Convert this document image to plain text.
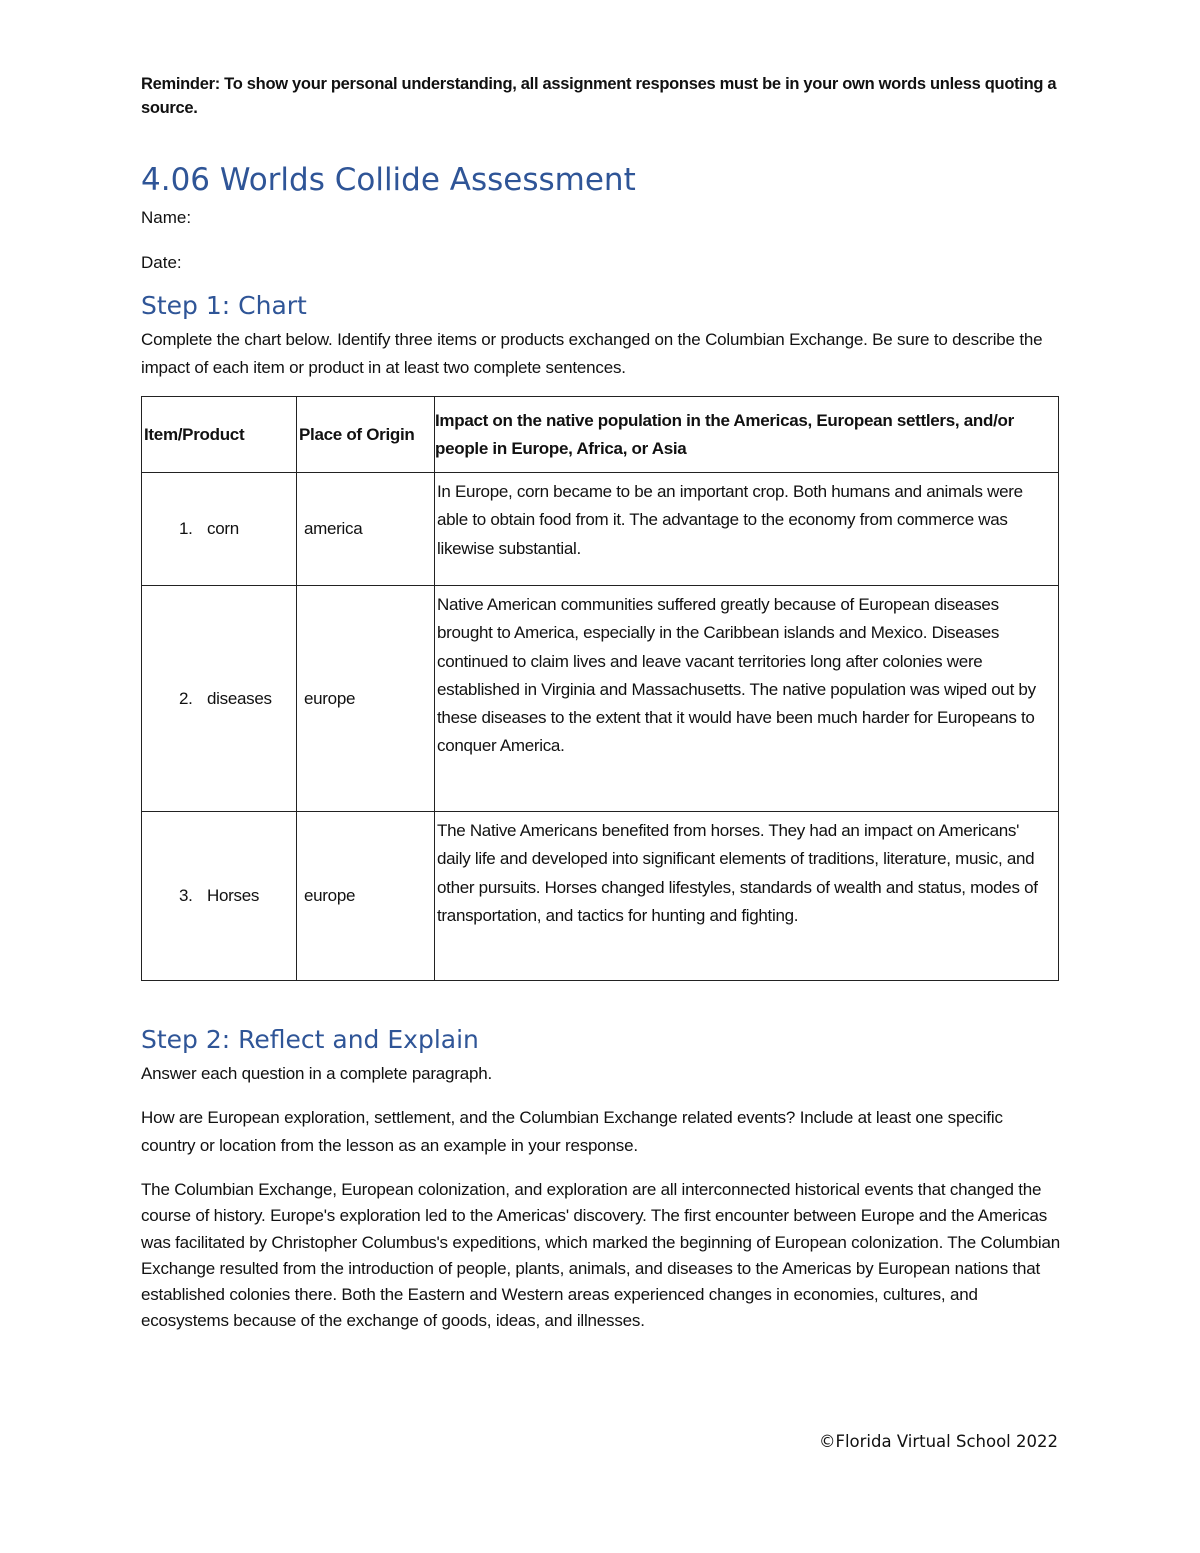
Reminder: To show your personal understanding, all assignment responses must be in your own words unless quoting a source.
4.06 Worlds Collide Assessment
Name:
Date:
Step 1: Chart
Complete the chart below. Identify three items or products exchanged on the Columbian Exchange. Be sure to describe the impact of each item or product in at least two complete sentences.
Item/Product	Place of Origin	Impact on the native population in the Americas, European settlers, and/or people in Europe, Africa, or Asia
1. corn	america	In Europe, corn became to be an important crop. Both humans and animals were able to obtain food from it. The advantage to the economy from commerce was likewise substantial.
2. diseases	europe	Native American communities suffered greatly because of European diseases brought to America, especially in the Caribbean islands and Mexico. Diseases continued to claim lives and leave vacant territories long after colonies were established in Virginia and Massachusetts. The native population was wiped out by these diseases to the extent that it would have been much harder for Europeans to conquer America.
3. Horses	europe	The Native Americans benefited from horses. They had an impact on Americans' daily life and developed into significant elements of traditions, literature, music, and other pursuits. Horses changed lifestyles, standards of wealth and status, modes of transportation, and tactics for hunting and fighting.
Step 2: Reflect and Explain
Answer each question in a complete paragraph.
How are European exploration, settlement, and the Columbian Exchange related events? Include at least one specific country or location from the lesson as an example in your response.
The Columbian Exchange, European colonization, and exploration are all interconnected historical events that changed the course of history. Europe's exploration led to the Americas' discovery. The first encounter between Europe and the Americas was facilitated by Christopher Columbus's expeditions, which marked the beginning of European colonization. The Columbian Exchange resulted from the introduction of people, plants, animals, and diseases to the Americas by European nations that established colonies there. Both the Eastern and Western areas experienced changes in economies, cultures, and ecosystems because of the exchange of goods, ideas, and illnesses.
©Florida Virtual School 2022
